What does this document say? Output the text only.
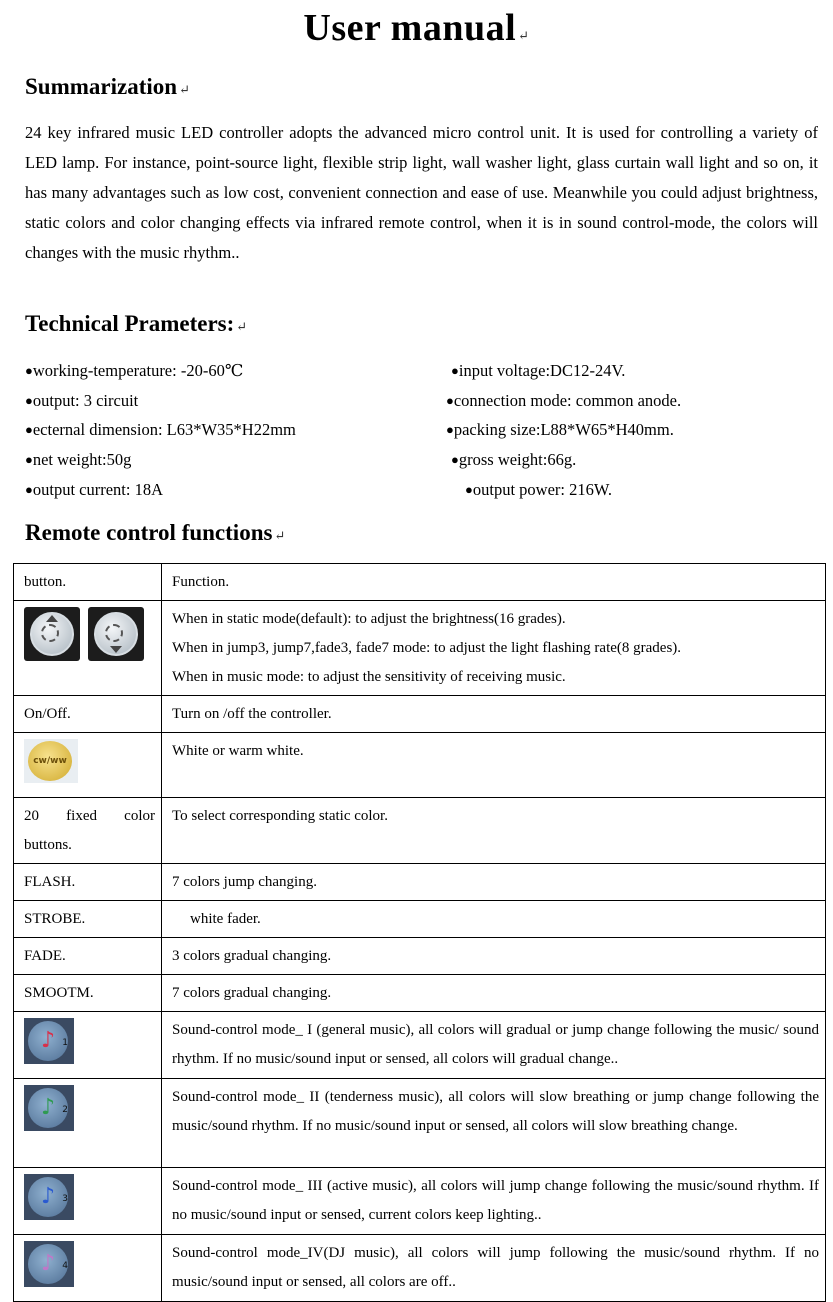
User manual ↵
Summarization ↵
24 key infrared music LED controller adopts the advanced micro control unit. It is used for controlling a variety of LED lamp. For instance, point-source light, flexible strip light, wall washer light, glass curtain wall light and so on, it has many advantages such as low cost, convenient connection and ease of use. Meanwhile you could adjust brightness, static colors and color changing effects via infrared remote control, when it is in sound control-mode, the colors will changes with the music rhythm..
Technical Prameters: ↵
●working-temperature: -20-60℃
●output: 3 circuit
●ecternal dimension: L63*W35*H22mm
●net weight:50g
●output current: 18A
●input voltage:DC12-24V.
●connection mode: common anode.
●packing size:L88*W65*H40mm.
●gross weight:66g.
●output power: 216W.
Remote control functions ↵
button.	Function.

	When in static mode(default): to adjust the brightness(16 grades).
When in jump3, jump7,fade3, fade7 mode: to adjust the light flashing rate(8 grades).
When in music mode: to adjust the sensitivity of receiving music.

On/Off.	Turn on /off the controller.

cw/ww	White or warm white.
20 fixed color buttons.	To select corresponding static color.
FLASH.	7 colors jump changing.
STROBE.	white fader.
FADE.	3 colors gradual changing.
SMOOTM.	7 colors gradual changing.

♪ 1	Sound-control mode_ I (general music), all colors will gradual or jump change following the music/ sound rhythm. If no music/sound input or sensed, all colors will gradual change..

♪ 2	Sound-control mode_ II (tenderness music), all colors will slow breathing or jump change following the music/sound rhythm. If no music/sound input or sensed, all colors will slow breathing change.

♪ 3	Sound-control mode_ III (active music), all colors will jump change following the music/sound rhythm. If no music/sound input or sensed, current colors keep lighting..

♪ 4	Sound-control mode_IV(DJ music), all colors will jump following the music/sound rhythm. If no music/sound input or sensed, all colors are off..
